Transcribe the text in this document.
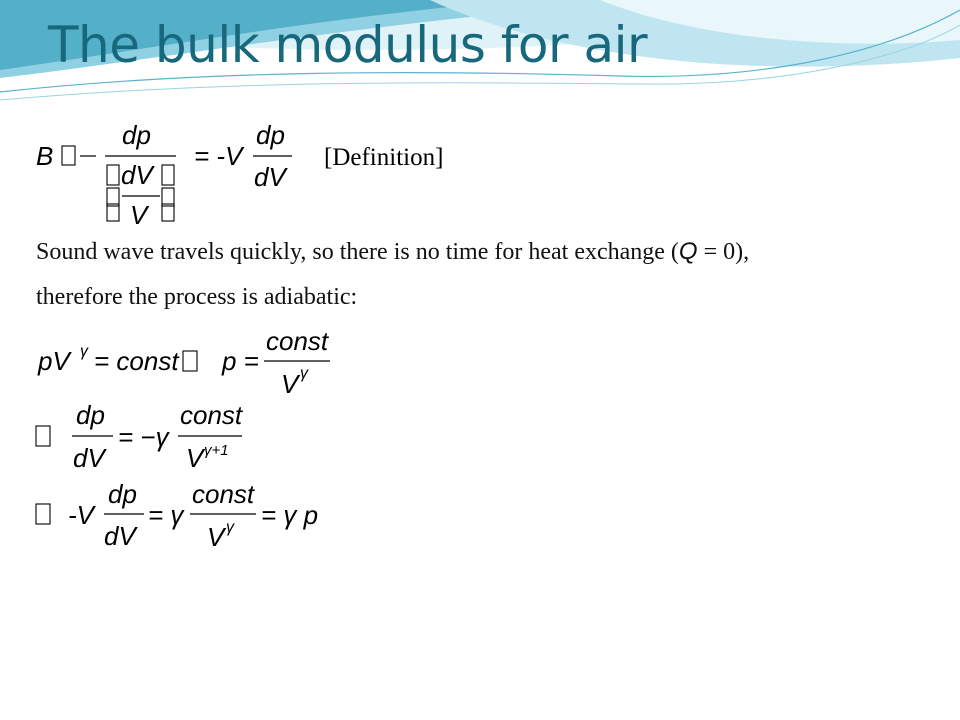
The bulk modulus for air
B
dp
dV
V
= -V
dp
dV
[Definition]
Sound wave travels quickly, so there is no time for heat exchange (Q = 0),
therefore the process is adiabatic:
pV γ = const p =
const
V γ
dp
dV
= −γ
const
V γ+1
-V
dp
dV
= γ
const
V γ = γ p
